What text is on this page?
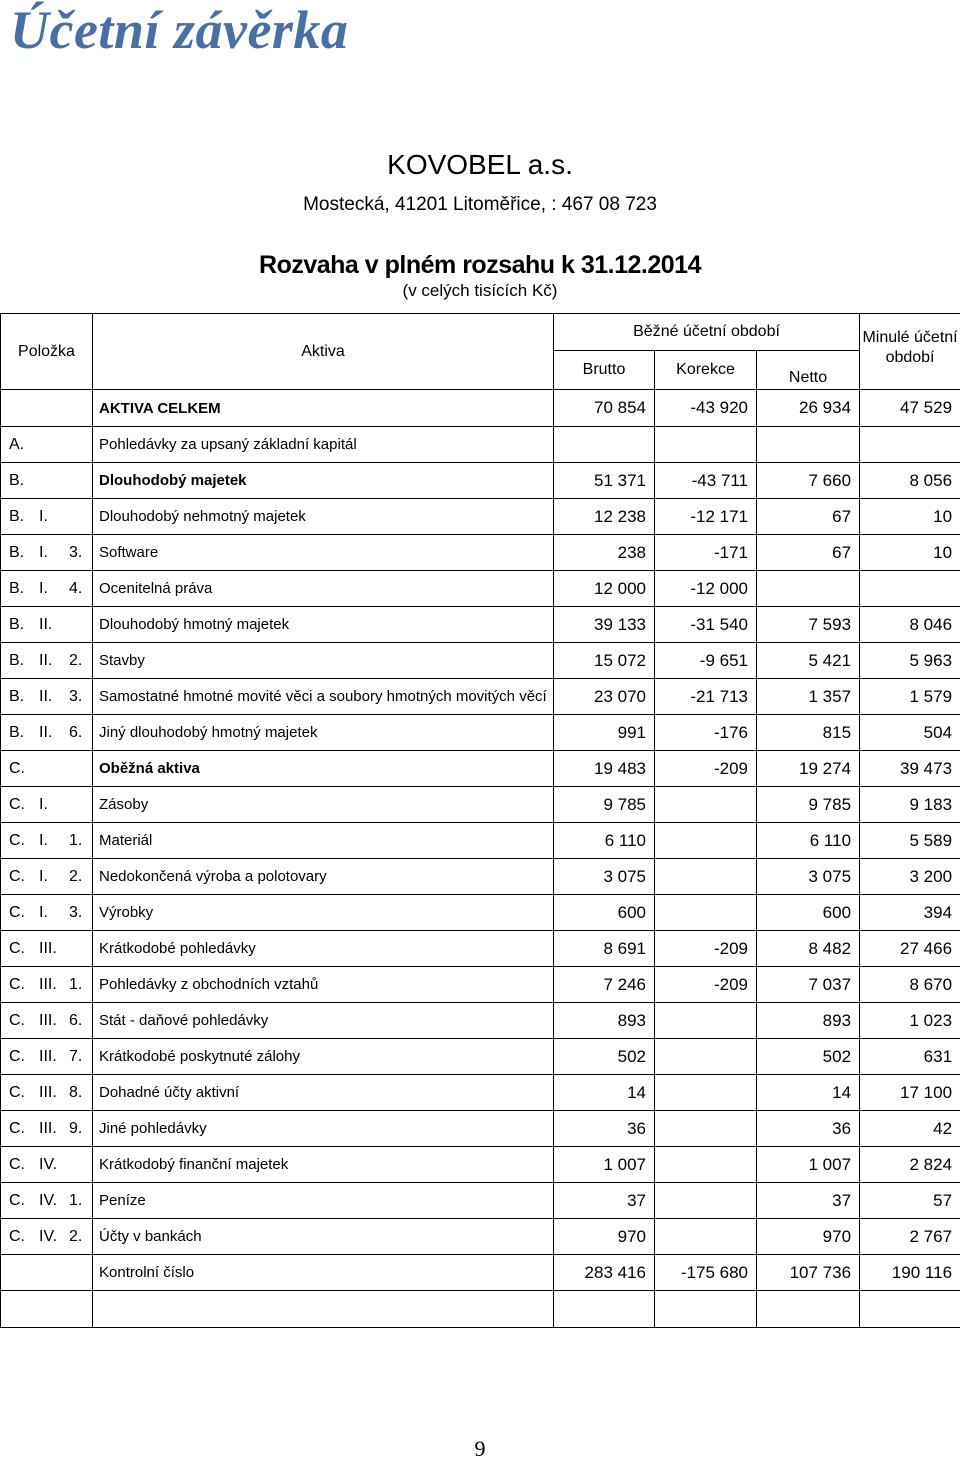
Účetní závěrka
KOVOBEL a.s.
Mostecká, 41201 Litoměřice, : 467 08 723
Rozvaha v plném rozsahu k 31.12.2014
(v celých tisících Kč)
Položka	Aktiva	Běžné účetní období			Minulé účetní období
		Brutto	Korekce	Netto	
	AKTIVA CELKEM	70 854	-43 920	26 934	47 529
A.	Pohledávky za upsaný základní kapitál				
B.	Dlouhodobý majetek	51 371	-43 711	7 660	8 056
B. I.	Dlouhodobý nehmotný majetek	12 238	-12 171	67	10
B. I. 3.	Software	238	-171	67	10
B. I. 4.	Ocenitelná práva	12 000	-12 000		
B. II.	Dlouhodobý hmotný majetek	39 133	-31 540	7 593	8 046
B. II. 2.	Stavby	15 072	-9 651	5 421	5 963
B. II. 3.	Samostatné hmotné movité věci a soubory hmotných movitých věcí	23 070	-21 713	1 357	1 579
B. II. 6.	Jiný dlouhodobý hmotný majetek	991	-176	815	504
C.	Oběžná aktiva	19 483	-209	19 274	39 473
C. I.	Zásoby	9 785		9 785	9 183
C. I. 1.	Materiál	6 110		6 110	5 589
C. I. 2.	Nedokončená výroba a polotovary	3 075		3 075	3 200
C. I. 3.	Výrobky	600		600	394
C. III.	Krátkodobé pohledávky	8 691	-209	8 482	27 466
C. III. 1.	Pohledávky z obchodních vztahů	7 246	-209	7 037	8 670
C. III. 6.	Stát - daňové pohledávky	893		893	1 023
C. III. 7.	Krátkodobé poskytnuté zálohy	502		502	631
C. III. 8.	Dohadné účty aktivní	14		14	17 100
C. III. 9.	Jiné pohledávky	36		36	42
C. IV.	Krátkodobý finanční majetek	1 007		1 007	2 824
C. IV. 1.	Peníze	37		37	57
C. IV. 2.	Účty v bankách	970		970	2 767
	Kontrolní číslo	283 416	-175 680	107 736	190 116

9
